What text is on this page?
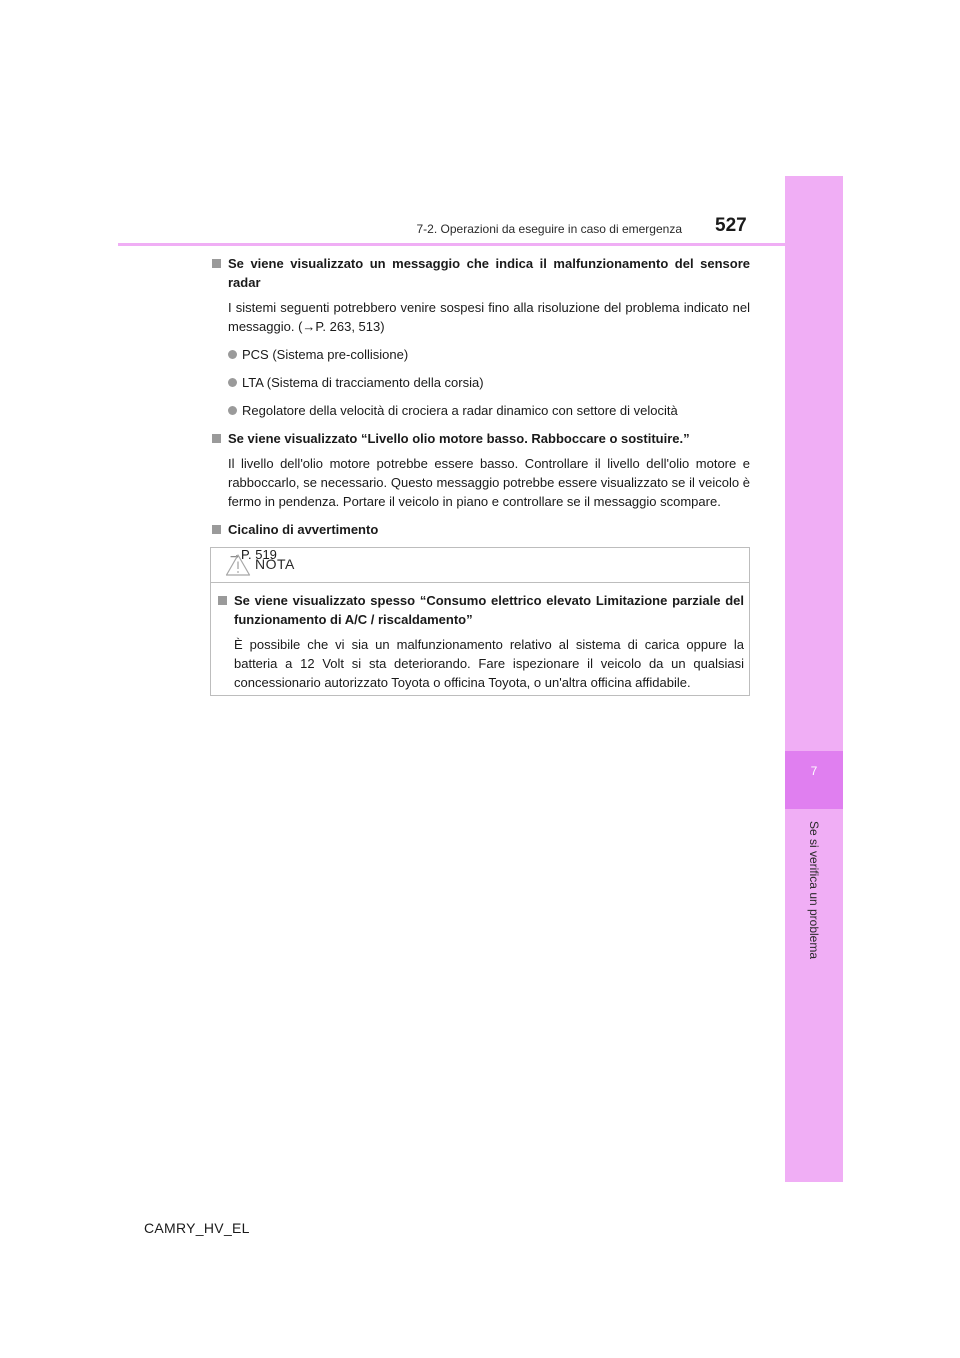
7
Se si verifica un problema
7-2. Operazioni da eseguire in caso di emergenza 527
Se viene visualizzato un messaggio che indica il malfunzionamento del sensore radar
I sistemi seguenti potrebbero venire sospesi fino alla risoluzione del problema indicato nel messaggio. (→P. 263, 513)
PCS (Sistema pre-collisione)
LTA (Sistema di tracciamento della corsia)
Regolatore della velocità di crociera a radar dinamico con settore di velocità
Se viene visualizzato “Livello olio motore basso. Rabboccare o sostituire.”
Il livello dell'olio motore potrebbe essere basso. Controllare il livello dell'olio motore e rabboccarlo, se necessario. Questo messaggio potrebbe essere visualizzato se il veicolo è fermo in pendenza. Portare il veicolo in piano e controllare se il messaggio scompare.
Cicalino di avvertimento
→P. 519
NOTA
Se viene visualizzato spesso “Consumo elettrico elevato Limitazione parziale del funzionamento di A/C / riscaldamento”
È possibile che vi sia un malfunzionamento relativo al sistema di carica oppure la batteria a 12 Volt si sta deteriorando. Fare ispezionare il veicolo da un qualsiasi concessionario autorizzato Toyota o officina Toyota, o un'altra officina affidabile.
CAMRY_HV_EL
